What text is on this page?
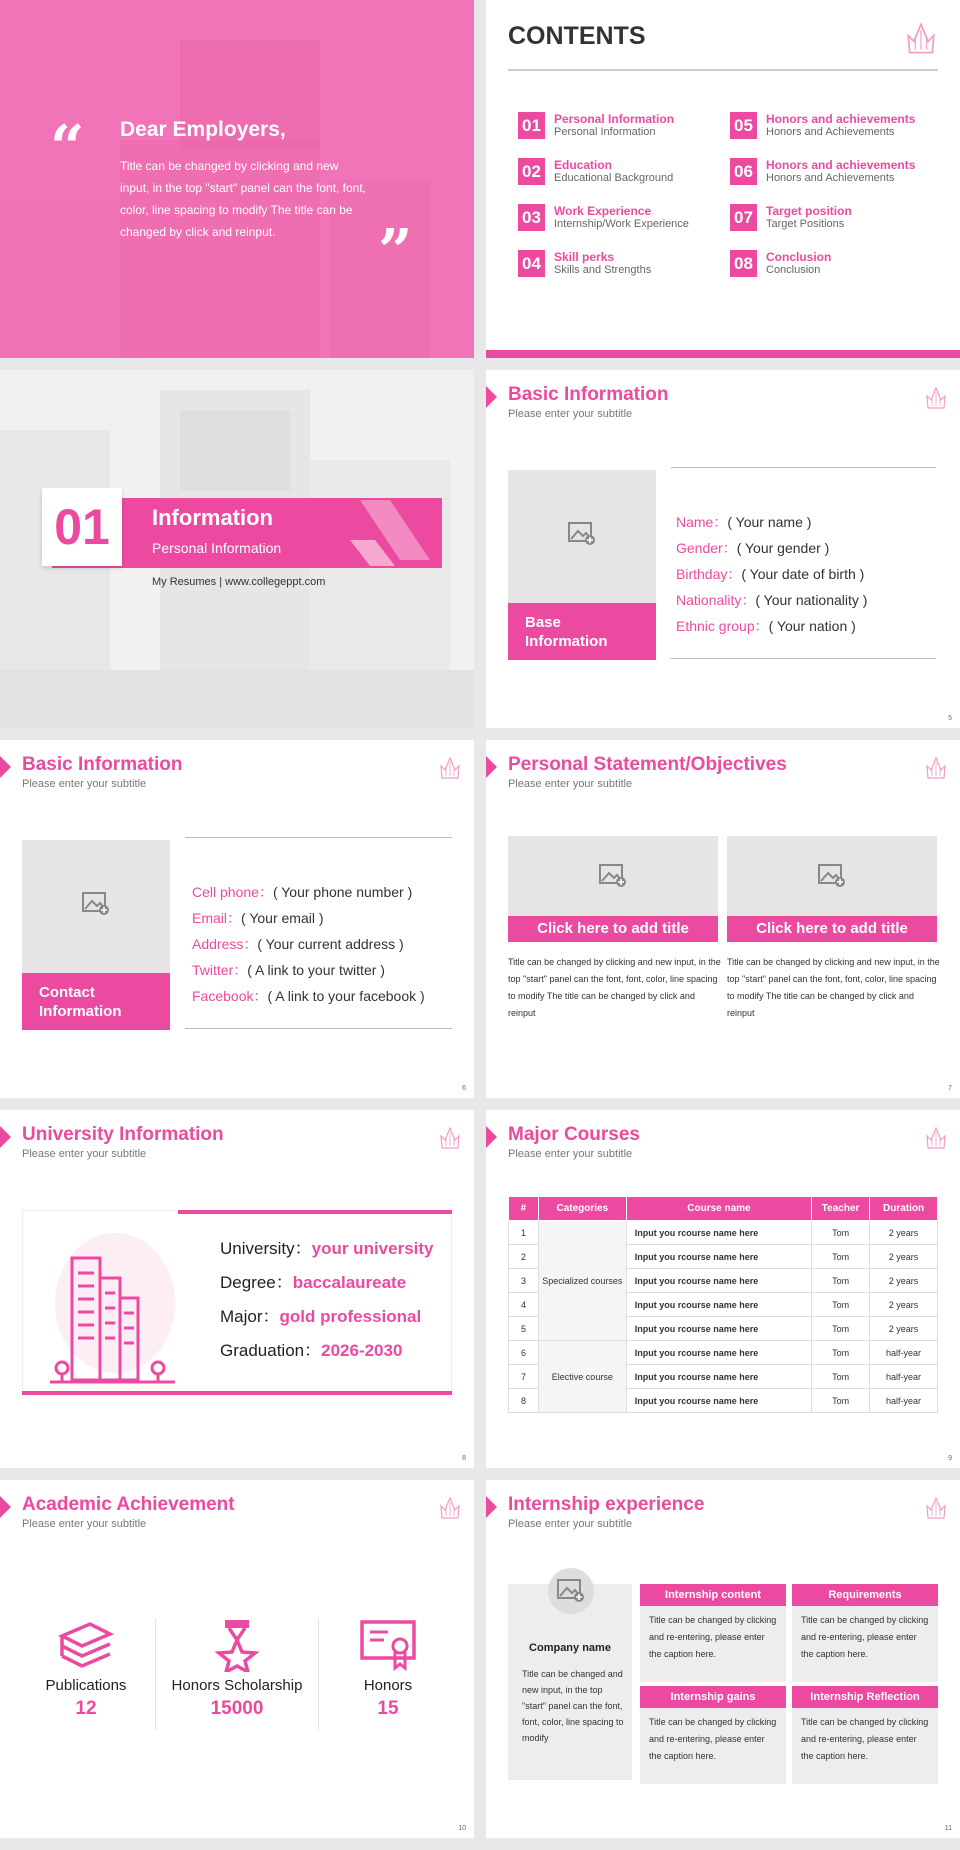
“ Dear Employers,
Title can be changed by clicking and new input, in the top "start" panel can the font, font, color, line spacing to modify The title can be changed by click and reinput.	”
CONTENTS
01	Personal Information
Personal Information
02	Education
Educational Background
03	Work Experience
Internship/Work Experience
04	Skill perks
Skills and Strengths
05	Honors and achievements
Honors and Achievements
06	Honors and achievements
Honors and Achievements
07	Target position
Target Positions
08	Conclusion
Conclusion
01	Information
Personal Information
My Resumes | www.collegeppt.com
Basic Information
Please enter your subtitle
Base
Information
Name：( Your name )
Gender：( Your gender )
Birthday：( Your date of birth )
Nationality：( Your nationality )
Ethnic group：( Your nation )
5
Basic Information
Please enter your subtitle
Contact
Information
Cell phone：( Your phone number )
Email：( Your email )
Address：( Your current address )
Twitter：( A link to your twitter )
Facebook：( A link to your facebook )
6
Personal Statement/Objectives
Please enter your subtitle
Click here to add title
Title can be changed by clicking and new input, in the top "start" panel can the font, font, color, line spacing to modify The title can be changed by click and reinput
Click here to add title
Title can be changed by clicking and new input, in the top "start" panel can the font, font, color, line spacing to modify The title can be changed by click and reinput
7
University Information
Please enter your subtitle
University：your university
Degree：baccalaureate
Major：gold professional
Graduation：2026-2030
8
Major Courses
Please enter your subtitle
#	Categories	Course name	Teacher	Duration
1	Specialized courses	Input you rcourse name here	Tom	2 years
2		Input you rcourse name here	Tom	2 years
3		Input you rcourse name here	Tom	2 years
4		Input you rcourse name here	Tom	2 years
5		Input you rcourse name here	Tom	2 years
6	Elective course	Input you rcourse name here	Tom	half-year
7		Input you rcourse name here	Tom	half-year
8		Input you rcourse name here	Tom	half-year
9
Academic Achievement
Please enter your subtitle
Publications
12
Honors Scholarship
15000
Honors
15
10
Internship experience
Please enter your subtitle
Company name
Title can be changed and new input, in the top "start" panel can the font, font, color, line spacing to modify
Internship content
Title can be changed by clicking and re-entering, please enter the caption here.
Requirements
Title can be changed by clicking and re-entering, please enter the caption here.
Internship gains
Title can be changed by clicking and re-entering, please enter the caption here.
Internship Reflection
Title can be changed by clicking and re-entering, please enter the caption here.
11
